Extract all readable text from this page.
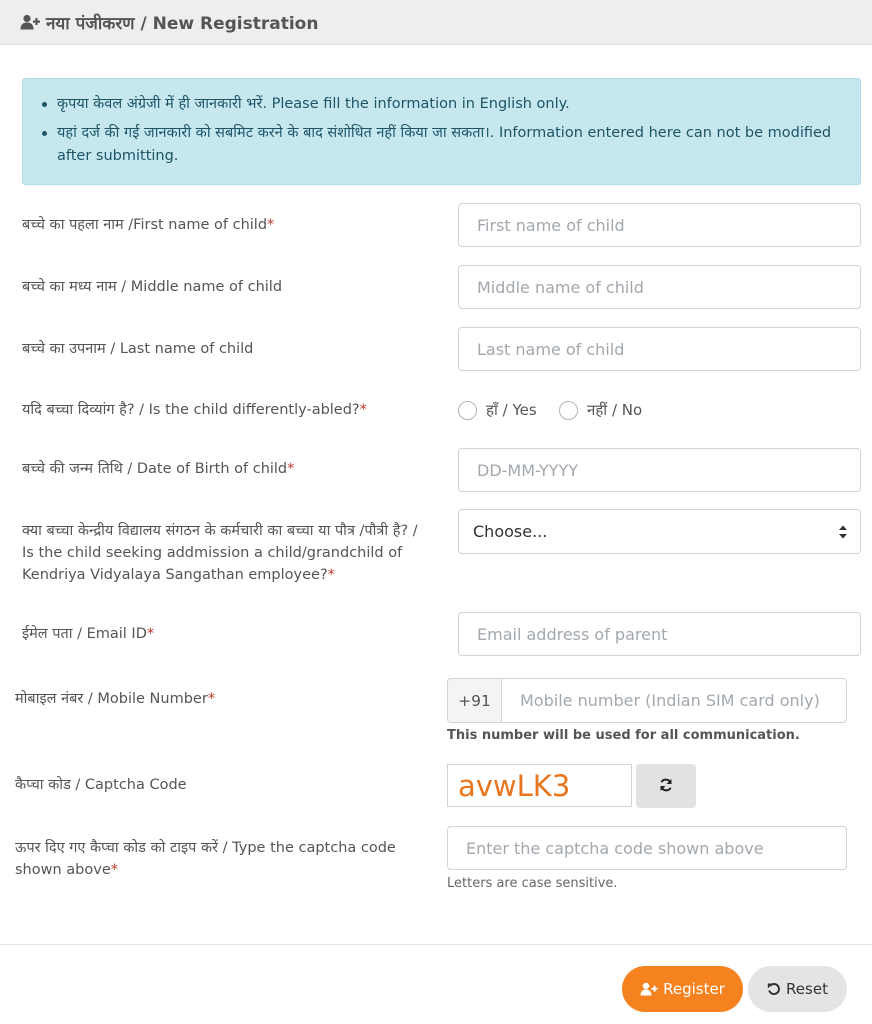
नया पंजीकरण / New Registration
कृपया केवल अंग्रेजी में ही जानकारी भरें. Please fill the information in English only.
यहां दर्ज की गई जानकारी को सबमिट करने के बाद संशोधित नहीं किया जा सकता।. Information entered here can not be modified after submitting.
बच्चे का पहला नाम /First name of child*
First name of child
बच्चे का मध्य नाम / Middle name of child
Middle name of child
बच्चे का उपनाम / Last name of child
Last name of child
यदि बच्चा दिव्यांग है? / Is the child differently-abled?*	हाँ / Yes	नहीं / No
बच्चे की जन्म तिथि / Date of Birth of child*
DD-MM-YYYY
क्या बच्चा केन्द्रीय विद्यालय संगठन के कर्मचारी का बच्चा या पौत्र /पौत्री है? /
Is the child seeking addmission a child/grandchild of
Kendriya Vidyalaya Sangathan employee?*
Choose...
ईमेल पता / Email ID*
Email address of parent
मोबाइल नंबर / Mobile Number*	+91
Mobile number (Indian SIM card only)
This number will be used for all communication.
कैप्चा कोड / Captcha Code	avwLK3
ऊपर दिए गए कैप्चा कोड को टाइप करें / Type the captcha code
shown above*
Enter the captcha code shown above
Letters are case sensitive.
Register	Reset
